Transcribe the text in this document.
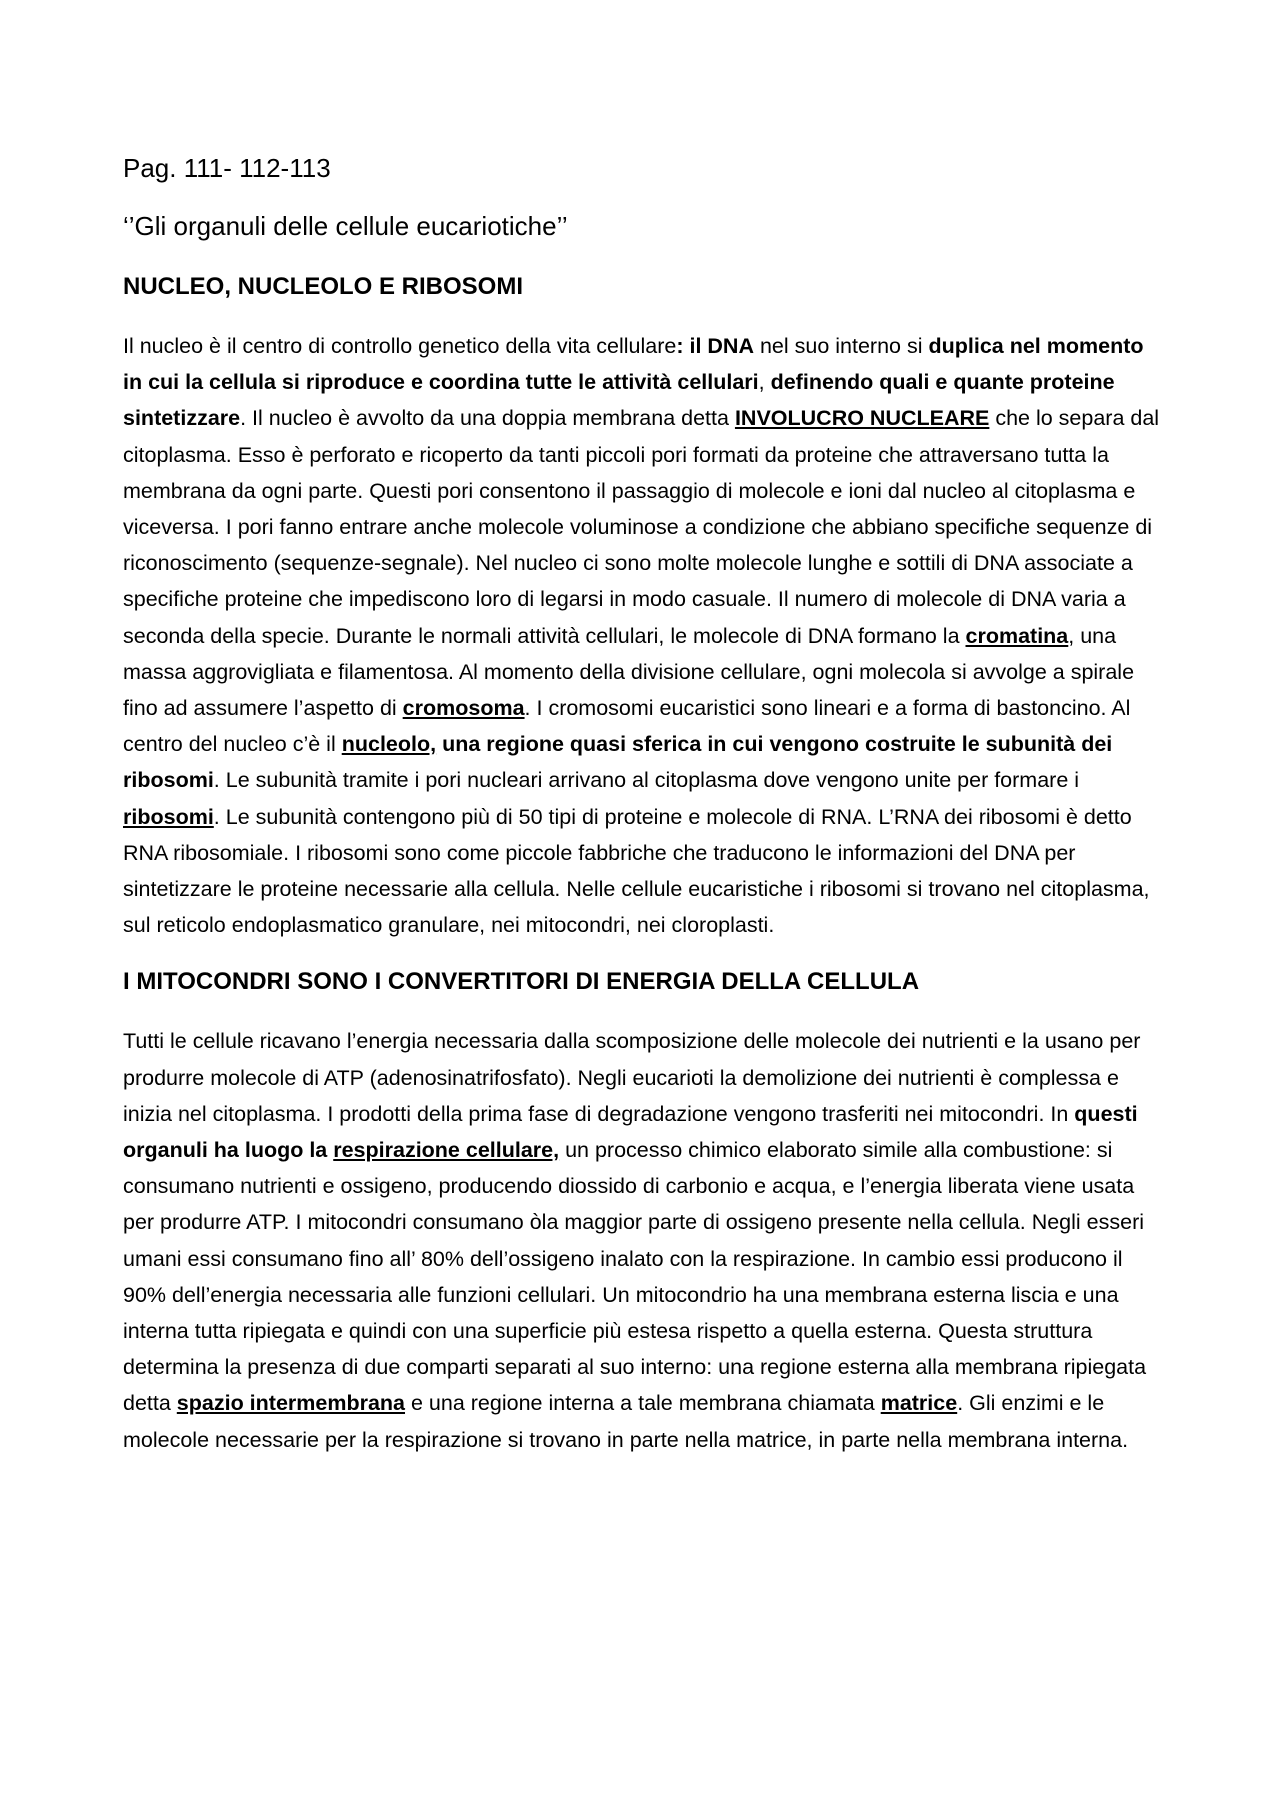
Pag. 111- 112-113

‘’Gli organuli delle cellule eucariotiche’’

NUCLEO, NUCLEOLO E RIBOSOMI

Il nucleo è il centro di controllo genetico della vita cellulare: il DNA nel suo interno si duplica nel momento in cui la cellula si riproduce e coordina tutte le attività cellulari, definendo quali e quante proteine sintetizzare. Il nucleo è avvolto da una doppia membrana detta INVOLUCRO NUCLEARE che lo separa dal citoplasma. Esso è perforato e ricoperto da tanti piccoli pori formati da proteine che attraversano tutta la membrana da ogni parte. Questi pori consentono il passaggio di molecole e ioni dal nucleo al citoplasma e viceversa. I pori fanno entrare anche molecole voluminose a condizione che abbiano specifiche sequenze di riconoscimento (sequenze-segnale). Nel nucleo ci sono molte molecole lunghe e sottili di DNA associate a specifiche proteine che impediscono loro di legarsi in modo casuale. Il numero di molecole di DNA varia a seconda della specie. Durante le normali attività cellulari, le molecole di DNA formano la cromatina, una massa aggrovigliata e filamentosa. Al momento della divisione cellulare, ogni molecola si avvolge a spirale fino ad assumere l’aspetto di cromosoma. I cromosomi eucaristici sono lineari e a forma di bastoncino. Al centro del nucleo c’è il nucleolo, una regione quasi sferica in cui vengono costruite le subunità dei ribosomi. Le subunità tramite i pori nucleari arrivano al citoplasma dove vengono unite per formare i ribosomi. Le subunità contengono più di 50 tipi di proteine e molecole di RNA. L’RNA dei ribosomi è detto RNA ribosomiale. I ribosomi sono come piccole fabbriche che traducono le informazioni del DNA per sintetizzare le proteine necessarie alla cellula. Nelle cellule eucaristiche i ribosomi si trovano nel citoplasma, sul reticolo endoplasmatico granulare, nei mitocondri, nei cloroplasti.

I MITOCONDRI SONO I CONVERTITORI DI ENERGIA DELLA CELLULA

Tutti le cellule ricavano l’energia necessaria dalla scomposizione delle molecole dei nutrienti e la usano per produrre molecole di ATP (adenosinatrifosfato). Negli eucarioti la demolizione dei nutrienti è complessa e inizia nel citoplasma. I prodotti della prima fase di degradazione vengono trasferiti nei mitocondri. In questi organuli ha luogo la respirazione cellulare, un processo chimico elaborato simile alla combustione: si consumano nutrienti e ossigeno, producendo diossido di carbonio e acqua, e l’energia liberata viene usata per produrre ATP. I mitocondri consumano òla maggior parte di ossigeno presente nella cellula. Negli esseri umani essi consumano fino all’ 80% dell’ossigeno inalato con la respirazione. In cambio essi producono il 90% dell’energia necessaria alle funzioni cellulari. Un mitocondrio ha una membrana esterna liscia e una interna tutta ripiegata e quindi con una superficie più estesa rispetto a quella esterna. Questa struttura determina la presenza di due comparti separati al suo interno: una regione esterna alla membrana ripiegata detta spazio intermembrana e una regione interna a tale membrana chiamata matrice. Gli enzimi e le molecole necessarie per la respirazione si trovano in parte nella matrice, in parte nella membrana interna.
